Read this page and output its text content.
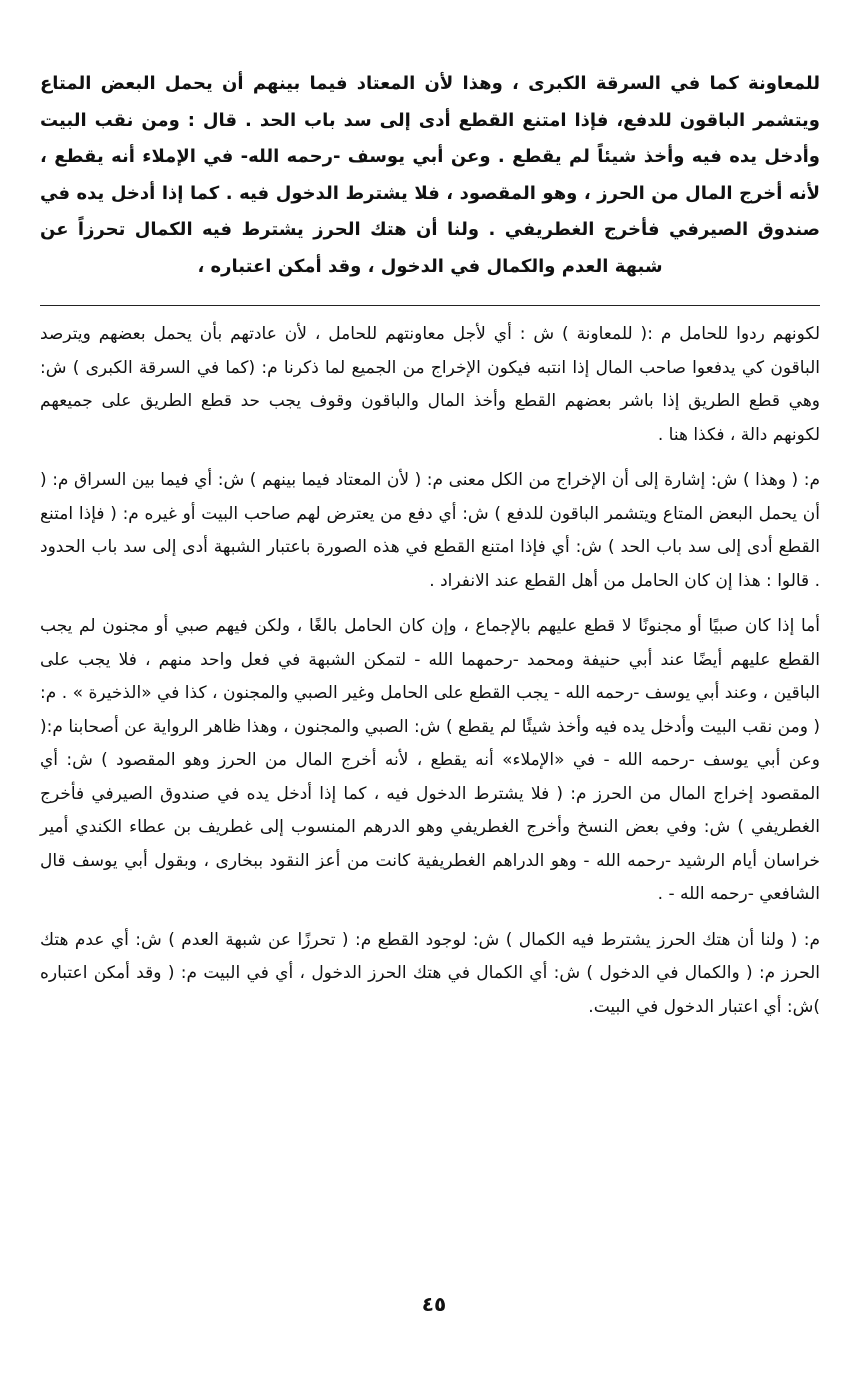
للمعاونة كما في السرقة الكبرى ، وهذا لأن المعتاد فيما بينهم أن يحمل البعض المتاع ويتشمر الباقون للدفع، فإذا امتنع القطع أدى إلى سد باب الحد . قال : ومن نقب البيت وأدخل يده فيه وأخذ شيئاً لم يقطع . وعن أبي يوسف -رحمه الله- في الإملاء أنه يقطع ، لأنه أخرج المال من الحرز ، وهو المقصود ، فلا يشترط الدخول فيه . كما إذا أدخل يده في صندوق الصيرفي فأخرج الغطريفي . ولنا أن هتك الحرز يشترط فيه الكمال تحرزاً عن شبهة العدم والكمال في الدخول ، وقد أمكن اعتباره ،

لكونهم ردوا للحامل م :( للمعاونة ) ش : أي لأجل معاونتهم للحامل ، لأن عادتهم بأن يحمل بعضهم ويترصد الباقون كي يدفعوا صاحب المال إذا انتبه فيكون الإخراج من الجميع لما ذكرنا م: (كما في السرقة الكبرى ) ش: وهي قطع الطريق إذا باشر بعضهم القطع وأخذ المال والباقون وقوف يجب حد قطع الطريق على جميعهم لكونهم دالة ، فكذا هنا .

م: ( وهذا ) ش: إشارة إلى أن الإخراج من الكل معنى م: ( لأن المعتاد فيما بينهم ) ش: أي فيما بين السراق م: ( أن يحمل البعض المتاع ويتشمر الباقون للدفع ) ش: أي دفع من يعترض لهم صاحب البيت أو غيره م: ( فإذا امتنع القطع أدى إلى سد باب الحد ) ش: أي فإذا امتنع القطع في هذه الصورة باعتبار الشبهة أدى إلى سد باب الحدود . قالوا : هذا إن كان الحامل من أهل القطع عند الانفراد .

أما إذا كان صبيًا أو مجنونًا لا قطع عليهم بالإجماع ، وإن كان الحامل بالغًا ، ولكن فيهم صبي أو مجنون لم يجب القطع عليهم أيضًا عند أبي حنيفة ومحمد -رحمهما الله - لتمكن الشبهة في فعل واحد منهم ، فلا يجب على الباقين ، وعند أبي يوسف -رحمه الله - يجب القطع على الحامل وغير الصبي والمجنون ، كذا في «الذخيرة » . م: ( ومن نقب البيت وأدخل يده فيه وأخذ شيئًا لم يقطع ) ش: الصبي والمجنون ، وهذا ظاهر الرواية عن أصحابنا م:( وعن أبي يوسف -رحمه الله - في «الإملاء» أنه يقطع ، لأنه أخرج المال من الحرز وهو المقصود ) ش: أي المقصود إخراج المال من الحرز م: ( فلا يشترط الدخول فيه ، كما إذا أدخل يده في صندوق الصيرفي فأخرج الغطريفي ) ش: وفي بعض النسخ وأخرج الغطريفي وهو الدرهم المنسوب إلى غطريف بن عطاء الكندي أمير خراسان أيام الرشيد -رحمه الله - وهو الدراهم الغطريفية كانت من أعز النقود ببخارى ، وبقول أبي يوسف قال الشافعي -رحمه الله - .

م: ( ولنا أن هتك الحرز يشترط فيه الكمال ) ش: لوجود القطع م: ( تحرزًا عن شبهة العدم ) ش: أي عدم هتك الحرز م: ( والكمال في الدخول ) ش: أي الكمال في هتك الحرز الدخول ، أي في البيت م: ( وقد أمكن اعتباره )ش: أي اعتبار الدخول في البيت.

٤٥
